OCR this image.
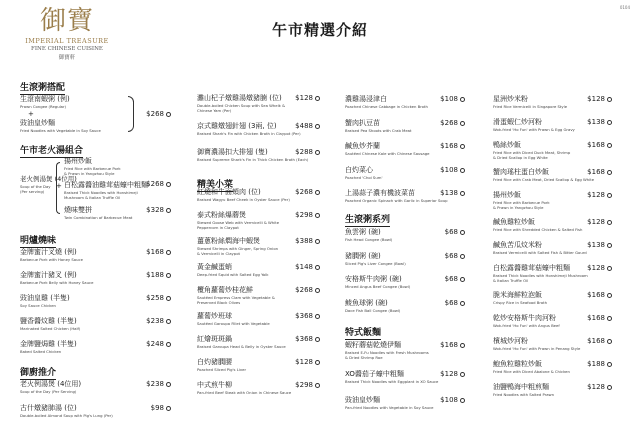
御寶
IMPERIAL TREASURE
FINE CHINESE CUISINE
御寶軒
午市精選介紹
0104
生滾粥搭配
生滾南蝦粥 (例)
Prawn Congee (Regular)
+
豉油皇炒麵
Fried Noodles with Vegetable in Soy Sauce
$268
午市老火湯組合
老火例湯煲 (4位用)
Soup of the Day
(Per serving)
揚州炒飯
Fried Rice with Barbecue Pork
& Prawn in Yangzhou Style
+ 白松露醬油雞茸菇蠔中粗麵
Braised Thick Noodles with Honshimeji
Mushroom & Italian Truffle Oil
燒味雙拼
Twin Combination of Barbecue Meat
$268
$328
明爐燒味
金牌蜜汁叉燒 (例)
Barbecue Pork with Honey Sauce
$168
金牌蜜汁豬叉 (例)
Barbecue Pork Belly with Honey Sauce
$188
豉油皇雞 (半隻)
Soy Sauce Chicken
$258
鹽香醬炆雞 (半隻)
Marinated Salted Chicken (Half)
$238
金牌鹽焗雞 (半隻)
Baked Salted Chicken
$248
御廚推介
老火例湯煲 (4位用)
Soup of the Day (Per Serving)
$238
古什燉豬肺湯 (位)
Double-boiled Almond Soup with Pig's Lung (Per)
$98
灘山杞子燉雞湯燉豬腩 (位)
Double-boiled Chicken Soup with Sea Whelk &
Chinese Yam (Per)
$128
京式雞燉翅針翅 (3兩, 位)
Braised Shark's Fin with Chicken Broth in Claypot (Per)
$488
御寶濃湯扣大排翅 (隻)
Braised Supreme Shark's Fin in Thick Chicken Broth (Each)
$288
精美小菜
紅燒和牛面頰肉 (位)
Braised Wagyu Beef Cheek in Oyster Sauce (Per)
$268
泰式粉絲爆蘑煲
Stewed Goose Web with Vermicelli & White
Peppercorn in Claypot
$298
薑蔥粉絲燜海中蝦煲
Stewed Shrimps with Ginger, Spring Onion
& Vermicelli in Claypot
$388
黃金鹹蛋蛸
Deep-fried Squid with Salted Egg Yolk
$148
欖角蘿蔔炒桂花鮮
Sautéed Empress Clam with Vegetable &
Preserved Black Olives
$268
蘿蔔炒班球
Sautéed Garoupa Fillet with Vegetable
$368
紅燴斑斑鍋
Braised Garoupa Head & Belly in Oyster Sauce
$368
白灼豬膶腰
Poached Sliced Pig's Liver
$128
中式煎牛柳
Pan-fried Beef Steak with Onion in Chinese Sauce
$298
濃雞湯浸津白
Poached Chinese Cabbage in Chicken Broth
$108
蟹肉扒豆苗
Braised Pea Shoots with Crab Meat
$268
鹹魚炒芥蘭
Sautéed Chinese Kale with Chinese Sausage
$168
白灼菜心
Poached 'Choi Sum'
$108
上湯蒜子濃有機波菜苗
Poached Organic Spinach with Garlic in Superior Soup
$138
生滾粥系列
魚雲粥 (碗)
Fish Head Congee (Bowl)
$68
豬膶粥 (碗)
Sliced Pig's Liver Congee (Bowl)
$68
安格斯牛肉粥 (碗)
Minced Angus Beef Congee (Bowl)
$68
鯪魚球粥 (碗)
Dace Fish Ball Congee (Bowl)
$68
特式飯麵
蝦籽蘑菇乾燒伊麵
Braised E-Fu Noodles with Fresh Mushrooms
& Dried Shrimp Roe
$168
XO醬茄子蠔中粗麵
Braised Thick Noodles with Eggplant in XO Sauce
$128
豉油皇炒麵
Pan-fried Noodles with Vegetable in Soy Sauce
$108
星洲炒米粉
Fried Rice Vermicelli in Singapore Style
$128
滑蛋蝦仁炒河粉
Wok-fried 'Ho Fun' with Prawn & Egg Gravy
$138
鴨絲炒飯
Fried Rice with Diced Duck Meat, Shrimp
& Dried Scallop in Egg White
$168
蟹肉瑤柱蛋白炒飯
Fried Rice with Crab Meat, Dried Scallop & Egg White
$168
揚州炒飯
Fried Rice with Barbecue Pork
& Prawn in Yangzhou Style
$128
鹹魚雞粒炒飯
Fried Rice with Shredded Chicken & Salted Fish
$128
鹹魚苦瓜炆米粉
Braised Vermicelli with Salted Fish & Bitter Gourd
$138
白松露醬雞茸菇蠔中粗麵
Braised Thick Noodles with Honshimeji Mushroom
& Italian Truffle Oil
$128
脆米海鮮粒泡飯
Crispy Rice in Seafood Broth
$168
乾炒安格斯牛肉河粉
Wok-fried 'Ho Fun' with Angus Beef
$168
檳城炒河粉
Wok-fried 'Ho Fun' with Prawn in Penang Style
$168
鮑魚粒雞粒炒飯
Fried Rice with Diced Abalone & Chicken
$188
油鹽鴨海中粗煎麵
Fried Noodles with Salted Prawn
$128
